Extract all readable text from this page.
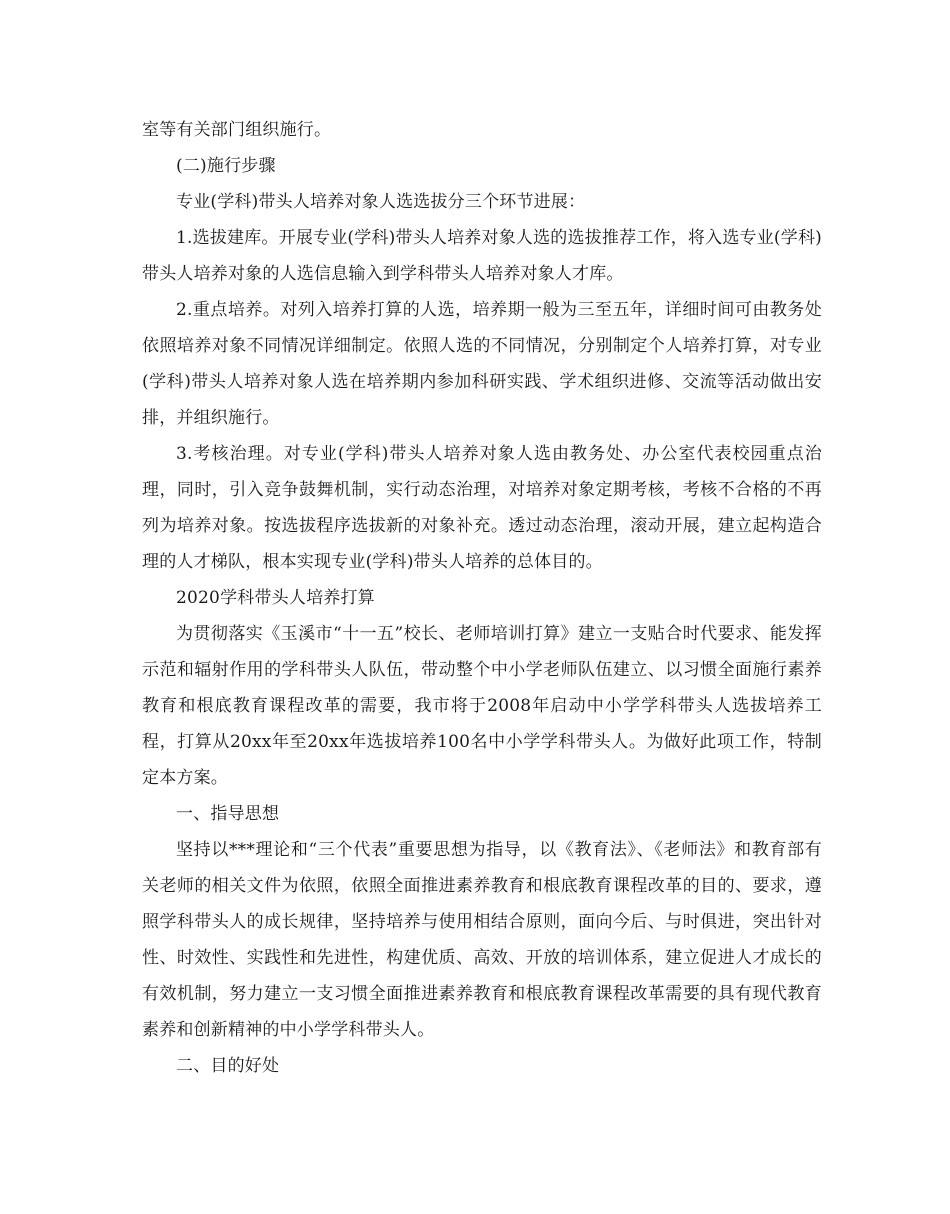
室等有关部门组织施行。

(二)施行步骤

专业(学科)带头人培养对象人选选拔分三个环节进展：

1.选拔建库。开展专业(学科)带头人培养对象人选的选拔推荐工作，将入选专业(学科)带头人培养对象的人选信息输入到学科带头人培养对象人才库。

2.重点培养。对列入培养打算的人选，培养期一般为三至五年，详细时间可由教务处依照培养对象不同情况详细制定。依照人选的不同情况，分别制定个人培养打算，对专业(学科)带头人培养对象人选在培养期内参加科研实践、学术组织进修、交流等活动做出安排，并组织施行。

3.考核治理。对专业(学科)带头人培养对象人选由教务处、办公室代表校园重点治理，同时，引入竞争鼓舞机制，实行动态治理，对培养对象定期考核，考核不合格的不再列为培养对象。按选拔程序选拔新的对象补充。透过动态治理，滚动开展，建立起构造合理的人才梯队，根本实现专业(学科)带头人培养的总体目的。

2020学科带头人培养打算

为贯彻落实《玉溪市“十一五”校长、老师培训打算》建立一支贴合时代要求、能发挥示范和辐射作用的学科带头人队伍，带动整个中小学老师队伍建立、以习惯全面施行素养教育和根底教育课程改革的需要，我市将于2008年启动中小学学科带头人选拔培养工程，打算从20xx年至20xx年选拔培养100名中小学学科带头人。为做好此项工作，特制定本方案。

一、指导思想

坚持以***理论和“三个代表”重要思想为指导，以《教育法》、《老师法》和教育部有关老师的相关文件为依照，依照全面推进素养教育和根底教育课程改革的目的、要求，遵照学科带头人的成长规律，坚持培养与使用相结合原则，面向今后、与时俱进，突出针对性、时效性、实践性和先进性，构建优质、高效、开放的培训体系，建立促进人才成长的有效机制，努力建立一支习惯全面推进素养教育和根底教育课程改革需要的具有现代教育素养和创新精神的中小学学科带头人。

二、目的好处
